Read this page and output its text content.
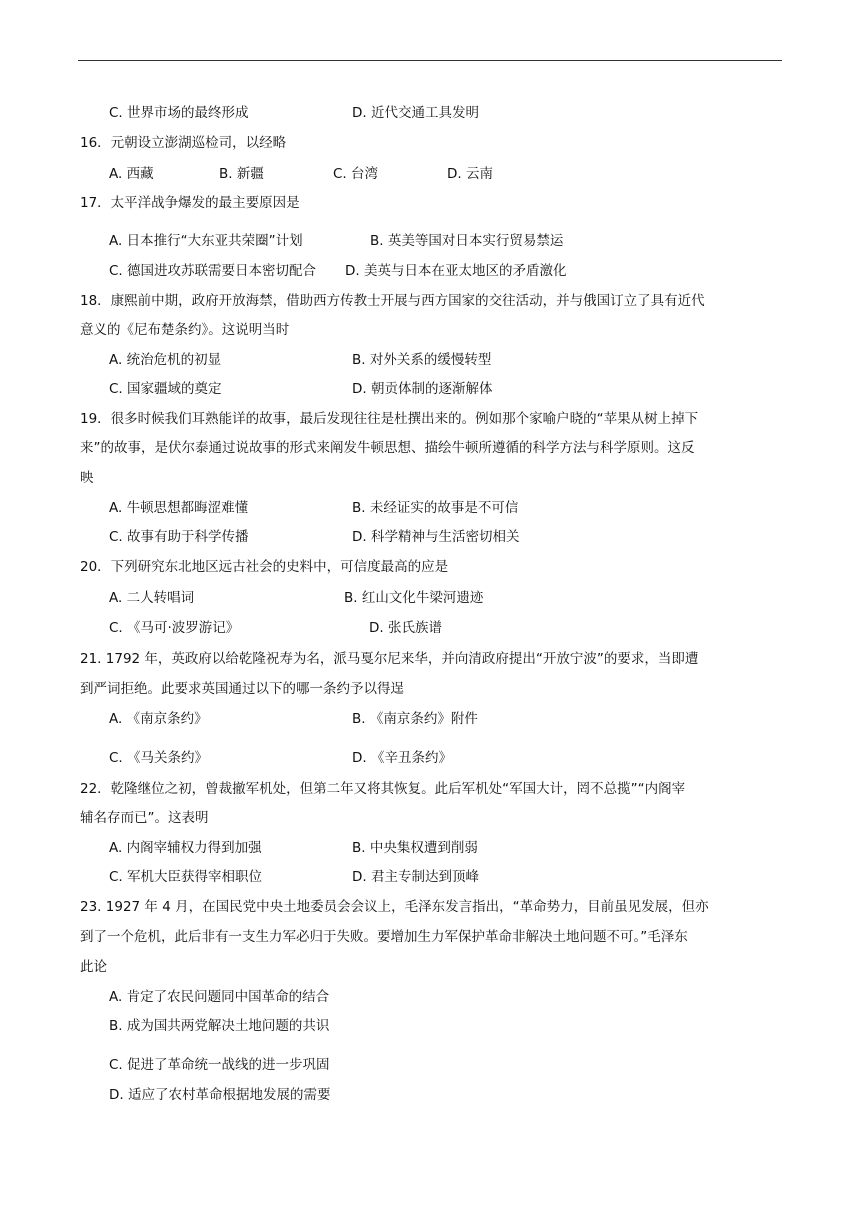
C. 世界市场的最终形成	D. 近代交通工具发明
16．元朝设立澎湖巡检司，以经略
A. 西藏	B. 新疆	C. 台湾	D. 云南
17．太平洋战争爆发的最主要原因是
A. 日本推行“大东亚共荣圈”计划	B. 英美等国对日本实行贸易禁运
C. 德国进攻苏联需要日本密切配合 D. 美英与日本在亚太地区的矛盾激化
18．康熙前中期，政府开放海禁，借助西方传教士开展与西方国家的交往活动，并与俄国订立了具有近代
意义的《尼布楚条约》。这说明当时
A. 统治危机的初显	B. 对外关系的缓慢转型
C. 国家疆域的奠定	D. 朝贡体制的逐渐解体
19．很多时候我们耳熟能详的故事，最后发现往往是杜撰出来的。例如那个家喻户晓的“苹果从树上掉下
来”的故事，是伏尔泰通过说故事的形式来阐发牛顿思想、描绘牛顿所遵循的科学方法与科学原则。这反
映
A. 牛顿思想都晦涩难懂	B. 未经证实的故事是不可信
C. 故事有助于科学传播	D. 科学精神与生活密切相关
20．下列研究东北地区远古社会的史料中，可信度最高的应是
A. 二人转唱词	B. 红山文化牛梁河遗迹
C. 《马可·波罗游记》	D. 张氏族谱
21. 1792 年，英政府以给乾隆祝寿为名，派马戛尔尼来华，并向清政府提出“开放宁波”的要求，当即遭
到严词拒绝。此要求英国通过以下的哪一条约予以得逞
A. 《南京条约》	B. 《南京条约》附件
C. 《马关条约》	D. 《辛丑条约》
22．乾隆继位之初，曾裁撤军机处，但第二年又将其恢复。此后军机处“军国大计，罔不总揽”“内阁宰
辅名存而已”。这表明
A. 内阁宰辅权力得到加强	B. 中央集权遭到削弱
C. 军机大臣获得宰相职位	D. 君主专制达到顶峰
23. 1927 年 4 月，在国民党中央土地委员会会议上，毛泽东发言指出，“革命势力，目前虽见发展，但亦
到了一个危机，此后非有一支生力军必归于失败。要增加生力军保护革命非解决土地问题不可。”毛泽东
此论
A. 肯定了农民问题同中国革命的结合
B. 成为国共两党解决土地问题的共识
C. 促进了革命统一战线的进一步巩固
D. 适应了农村革命根据地发展的需要
